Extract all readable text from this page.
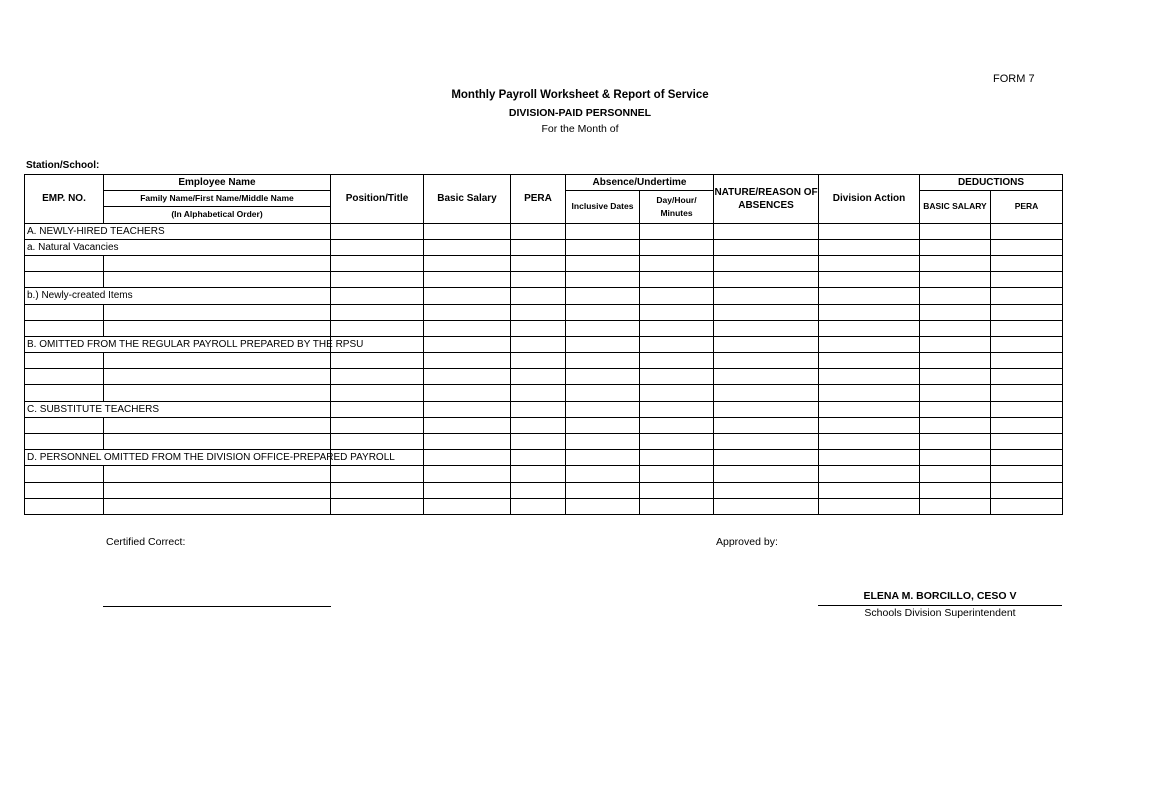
FORM 7
Monthly Payroll Worksheet & Report of Service
DIVISION-PAID PERSONNEL
For the Month of
Station/School:
EMP. NO.	Employee Name	Position/Title	Basic Salary	PERA	Absence/Undertime		NATURE/REASON OF ABSENCES	Division Action	DEDUCTIONS	
	Family Name/First Name/Middle Name				Inclusive Dates	Day/Hour/ Minutes			BASIC SALARY	PERA
	(In Alphabetical Order)									
A. NEWLY-HIRED TEACHERS										
a. Natural Vacancies										

b.) Newly-created Items										

B. OMITTED FROM THE REGULAR PAYROLL PREPARED BY THE RPSU										

C. SUBSTITUTE TEACHERS										

D. PERSONNEL OMITTED FROM THE DIVISION OFFICE-PREPARED PAYROLL										

Certified Correct:	Approved by:
ELENA M. BORCILLO, CESO V
Schools Division Superintendent
